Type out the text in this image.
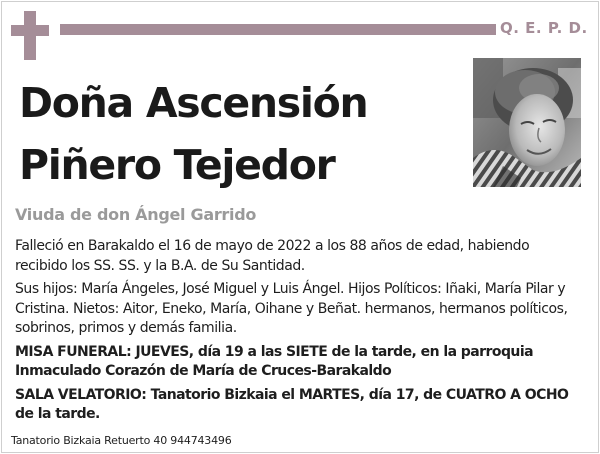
Q. E. P. D.
Doña Ascensión
Piñero Tejedor
Viuda de don Ángel Garrido

Falleció en Barakaldo el 16 de mayo de 2022 a los 88 años de edad, habiendo recibido los SS. SS. y la B.A. de Su Santidad.

Sus hijos: María Ángeles, José Miguel y Luis Ángel. Hijos Políticos: Iñaki, María Pilar y Cristina. Nietos: Aitor, Eneko, María, Oihane y Beñat. hermanos, hermanos políticos, sobrinos, primos y demás familia.

MISA FUNERAL: JUEVES, día 19 a las SIETE de la tarde, en la parroquia Inmaculado Corazón de María de Cruces-Barakaldo

SALA VELATORIO: Tanatorio Bizkaia el MARTES, día 17, de CUATRO A OCHO de la tarde.

Tanatorio Bizkaia Retuerto 40 944743496
